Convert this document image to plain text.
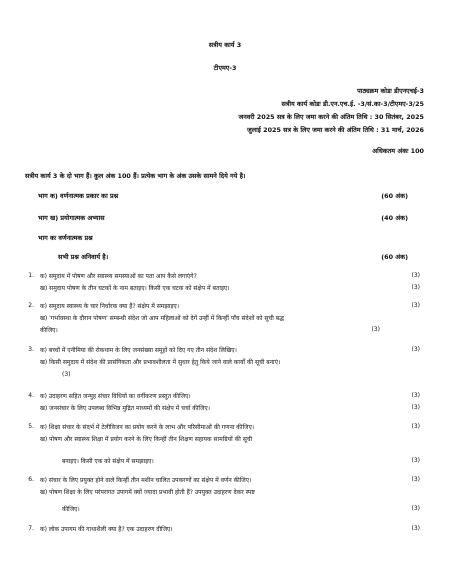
सत्रीय कार्य 3
टीएमए-3
पाठ्यक्रम कोडः डीएनएचई-3
सत्रीय कार्य कोडः डी.एन.एच.ई. -3/सं.का-3/टीएमए-3/25
जनवरी 2025 सत्र के लिए जमा करने की अंतिम तिथि : 30 सितंबर, 2025
जुलाई 2025 सत्र के लिए जमा करने की अंतिम तिथि : 31 मार्च, 2026
अधिकतम अंकः 100
सत्रीय कार्य 3 के दो भाग हैं। कुल अंक 100 हैं। प्रत्येक भाग के अंक उसके सामने दिये गये है।
भाग क) वर्णनात्मक प्रकार का प्रश्न	(60 अंक)
भाग ख) प्रयोगात्मक अभ्यास	(40 अंक)
भाग कः वर्णनात्मक प्रश्न
सभी प्रश्न अनिवार्य है।	(60 अंक)
1. क) समुदाय में पोषण और स्वास्थ्य समस्याओं का पता आप कैसे लगाएंगे?	(3)
ख) समुदाय पोषण के तीन घटकों के नाम बताइए। किसी एक घटक को संक्षेप में बताइए।	(3)
2. क) समुदाय स्वास्थ्य के चार निर्धारक क्या हैं? संक्षेप में समझाइए।	(3)
ख) 'गर्भावस्था के दौरान पोषण' सम्बन्धी संदेश जो आप महिलाओं को देगें उन्हीं में किन्हीं पाँच संदेशों को सूची बद्ध
कीजिए।	(3)
3. क) बच्चों में एनीमिया की रोकथाम के लिए जनसंख्या समूहों को दिए गए तीन संदेश लिखिए।	(3)
ख) किसी समुदाय में संदेश की प्रासंगिकता और प्रभावशीलता में सुधार हेतु किये जाने वाले कार्यों की सूची बनाएं।
(3)
4. क) उदाहरण सहित जन्मुह संचार विधियों का वर्गीकरण प्रस्तुत कीजिए।	(3)
ख) जनसंचार के लिए उपलब्ध विभिन्न मुद्रित माध्यमों की संक्षेप में चर्चा कीजिए।	(3)
5. क) शिक्षा संचार के संदर्भ में टेलीविजन का प्रयोग करने के लाभ और परिसीमाओं की गणना कीजिए।	(3)
ख) पोषण और स्वास्थ्य शिक्षा में प्रयोग करने के लिए किन्हीं तीन शिक्षण सहायक सामग्रियों की सूची
बनाइए। किसी एक को संक्षेप में समझाइए।	(3)
6. क) संचार के लिए प्रयुक्त होने वाले किन्हीं तीन मशीन चालित उपकरणों का संक्षेप में वर्णन कीजिए।	(3)
ख) पोषण शिक्षा के लिए परंपरागत उपागमें क्यों ज्यादा प्रभावी होती हैं? उपयुक्त उदाहरण देकर स्पष्ट
कीजिए।	(3)
7. क) लोक उपागम की गाथाशैली क्या है? एक उदाहरण दीजिए।	(3)
